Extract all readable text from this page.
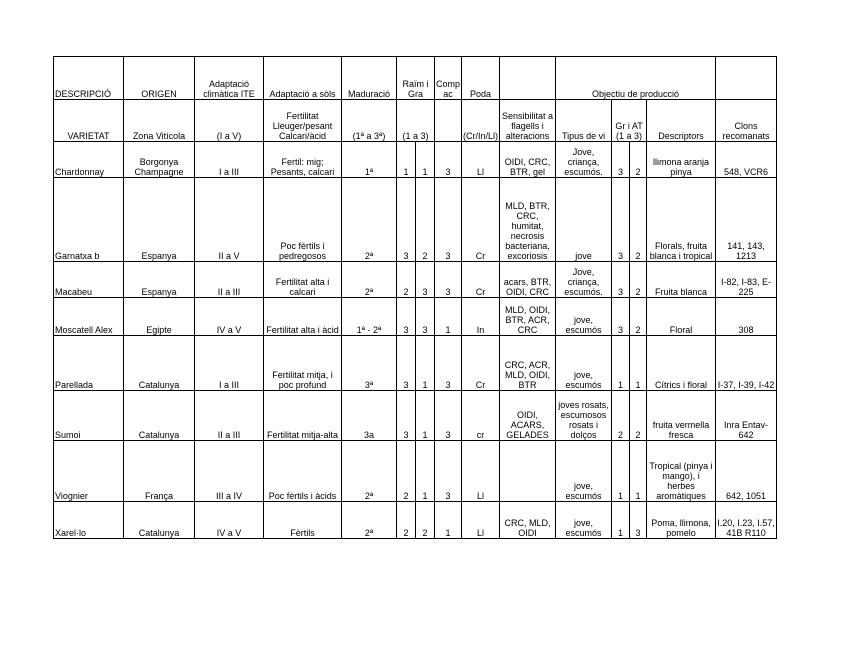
DESCRIPCIÓ	ORIGEN	Adaptació climàtica ITE	Adaptació a sòls	Maduració	Raïm i Gra		Comp ac	Poda		Objectiu de producció				
VARIETAT	Zona Vitícola	(I a V)	Fertilitat Lleuger/pesant Calcari/àcid	(1ª a 3ª)	(1 a 3)			(Cr/In/Ll)	Sensibilitat a flagells i alteracions	Tipus de vi	Gr i AT (1 a 3)		Descriptors	Clons recomanats
Chardonnay	Borgonya Champagne	I a III	Fertil: mig; Pesants, calcari	1ª	1	1	3	Ll	OIDI, CRC, BTR, gel	Jove, criança, escumós.	3	2	llimona aranja pinya	548, VCR6
Garnatxa b	Espanya	II a V	Poc fèrtils i pedregosos	2ª	3	2	3	Cr	MLD, BTR, CRC, humitat, necrosis bacteriana, excoriosis	jove	3	2	Florals, fruita blanca i tropical	141, 143, 1213
Macabeu	Espanya	II a III	Fertilitat alta i calcari	2ª	2	3	3	Cr	acars, BTR, OIDI, CRC	Jove, criança, escumós.	3	2	Fruita blanca	I-82, I-83, E-225
Moscatell Alex	Egipte	IV a V	Fertilitat alta i àcid	1ª - 2ª	3	3	1	In	MLD, OIDI, BTR, ACR, CRC	jove, escumós	3	2	Floral	308
Parellada	Catalunya	I a III	Fertilitat mitja, i poc profund	3ª	3	1	3	Cr	CRC, ACR, MLD, OIDI, BTR	jove, escumós	1	1	Cítrics i floral	I-37, I-39, I-42
Sumoi	Catalunya	II a III	Fertilitat mitja-alta	3a	3	1	3	cr	OIDI, ACARS, GELADES	joves rosats, escumosos rosats i dolços	2	2	fruita vermella fresca	Inra Entav-642
Viognier	França	III a IV	Poc fèrtils i àcids	2ª	2	1	3	Ll		jove, escumós	1	1	Tropical (pinya i mango), i herbes aromàtiques	642, 1051
Xarel·lo	Catalunya	IV a V	Fèrtils	2ª	2	2	1	Ll	CRC, MLD, OIDI	jove, escumós	1	3	Poma, llimona, pomelo	I.20, I.23, I.57, 41B R110
